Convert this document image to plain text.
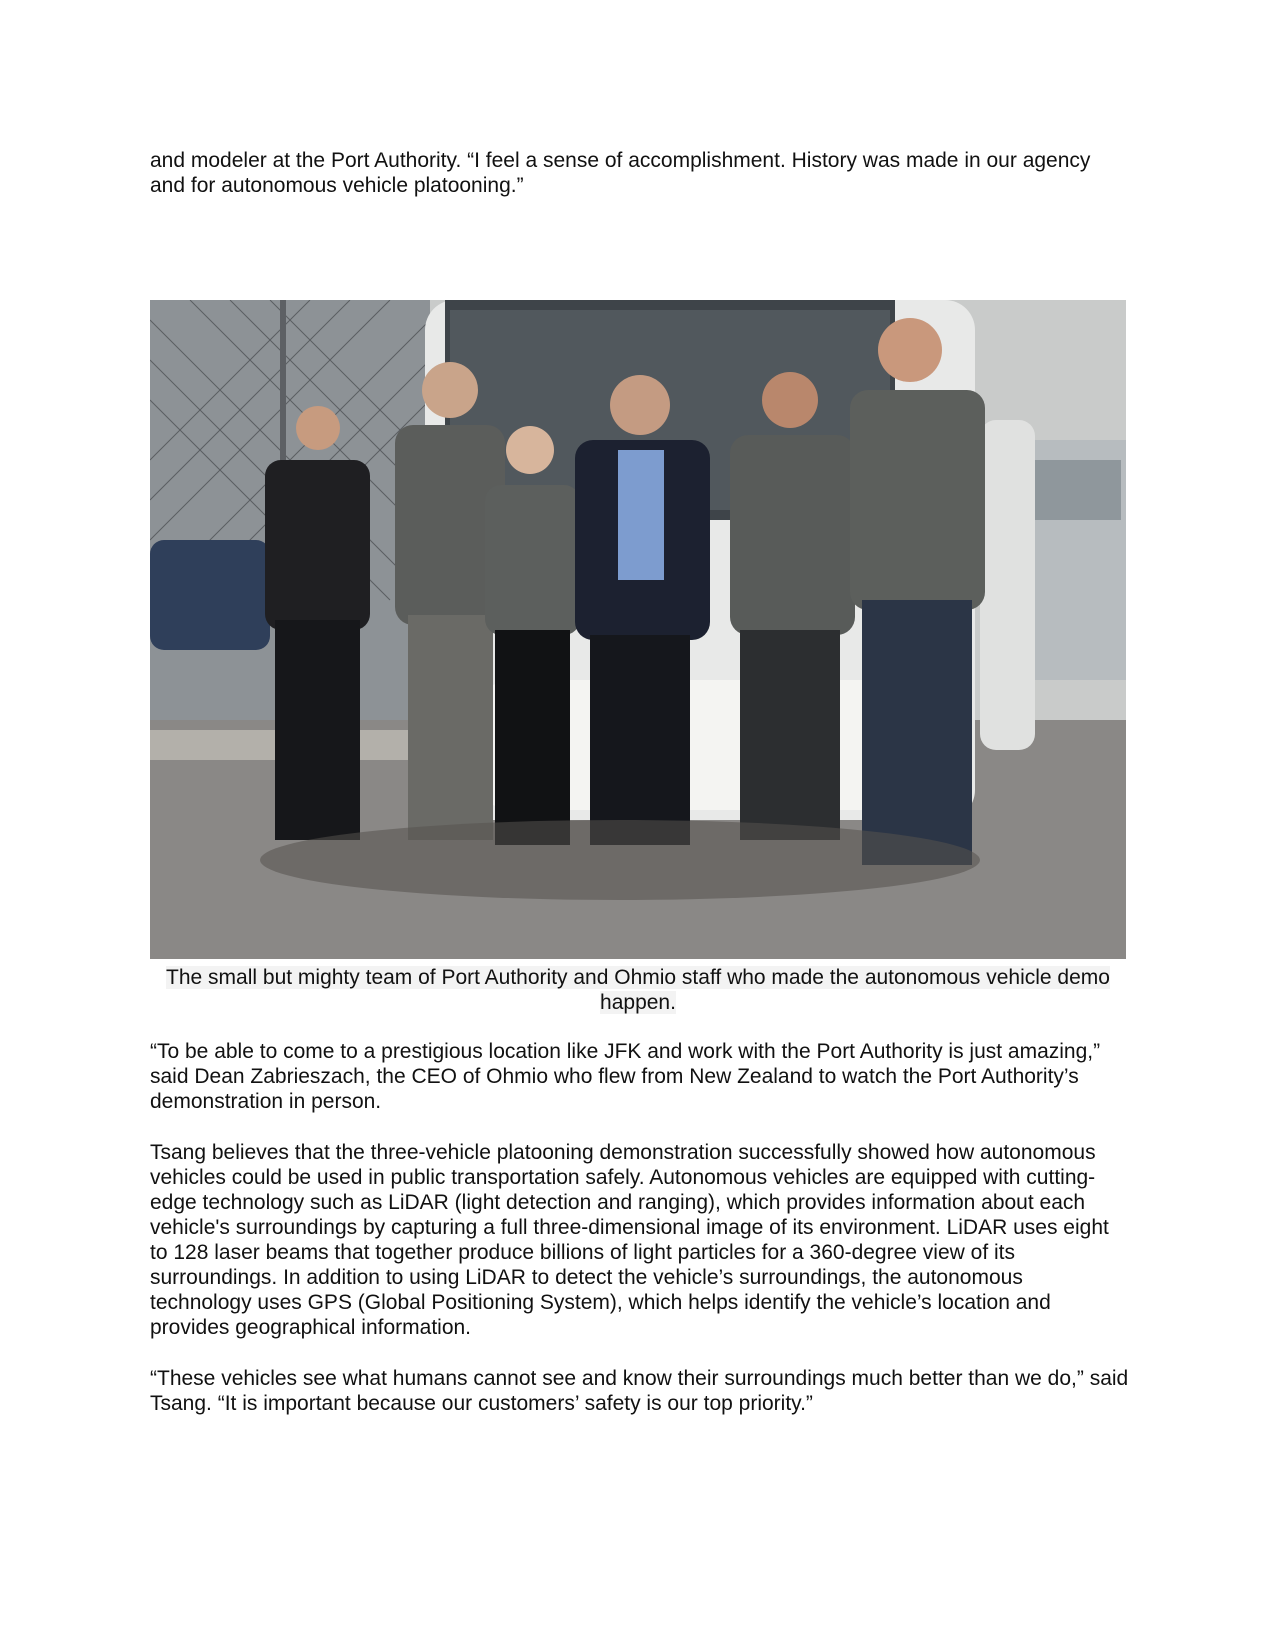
and modeler at the Port Authority. “I feel a sense of accomplishment. History was made in our agency and for autonomous vehicle platooning.”

The small but mighty team of Port Authority and Ohmio staff who made the autonomous vehicle demo happen.

“To be able to come to a prestigious location like JFK and work with the Port Authority is just amazing,” said Dean Zabrieszach, the CEO of Ohmio who flew from New Zealand to watch the Port Authority’s demonstration in person.

Tsang believes that the three-vehicle platooning demonstration successfully showed how autonomous vehicles could be used in public transportation safely. Autonomous vehicles are equipped with cutting-edge technology such as LiDAR (light detection and ranging), which provides information about each vehicle's surroundings by capturing a full three-dimensional image of its environment. LiDAR uses eight to 128 laser beams that together produce billions of light particles for a 360-degree view of its surroundings. In addition to using LiDAR to detect the vehicle’s surroundings, the autonomous technology uses GPS (Global Positioning System), which helps identify the vehicle’s location and provides geographical information.

“These vehicles see what humans cannot see and know their surroundings much better than we do,” said Tsang. “It is important because our customers’ safety is our top priority.”
